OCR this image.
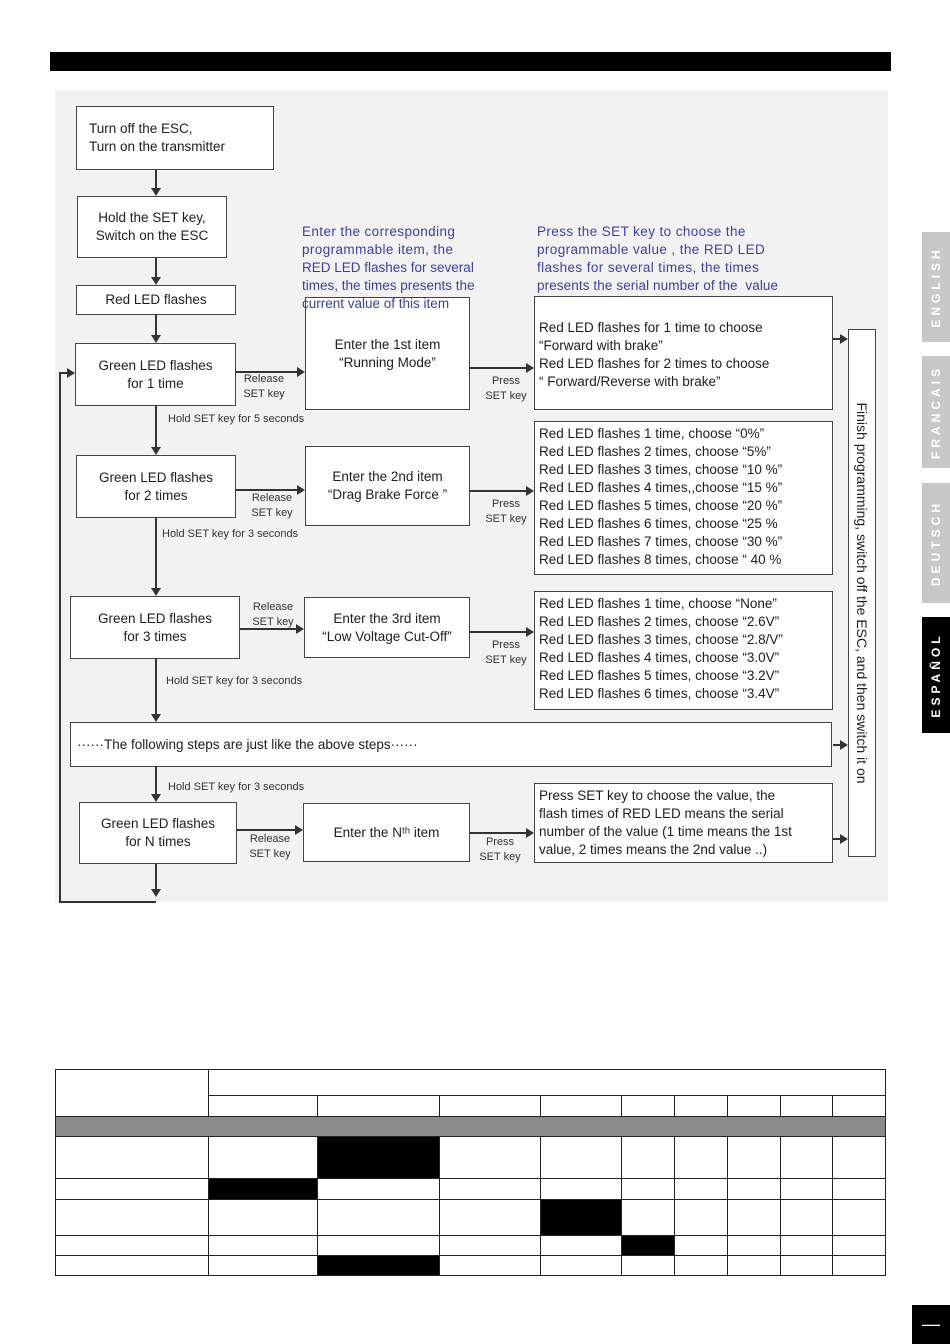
Turn off the ESC,
Turn on the transmitter
Hold the SET key,
Switch on the ESC
Red LED flashes
Green LED flashes
for 1 time
Green LED flashes
for 2 times
Green LED flashes
for 3 times
Green LED flashes
for N times
Enter the 1st item
“Running Mode”
Enter the 2nd item
“Drag Brake Force ”
Enter the 3rd item
“Low Voltage Cut-Off”
Enter the Nᵗʰ item

Enter the corresponding
programmable item, the
RED LED flashes for several
times, the times presents the
current value of this item

Press the SET key to choose the
programmable value , the RED LED
flashes for several times, the times
presents the serial number of the  value

Red LED flashes for 1 time to choose
“Forward with brake”
Red LED flashes for 2 times to choose
“ Forward/Reverse with brake”
Red LED flashes 1 time, choose “0%”
Red LED flashes 2 times, choose “5%”
Red LED flashes 3 times, choose “10 %”
Red LED flashes 4 times,,choose “15 %”
Red LED flashes 5 times, choose “20 %”
Red LED flashes 6 times, choose “25 %
Red LED flashes 7 times, choose “30 %”
Red LED flashes 8 times, choose “ 40 %
Red LED flashes 1 time, choose “None”
Red LED flashes 2 times, choose “2.6V”
Red LED flashes 3 times, choose “2.8/V”
Red LED flashes 4 times, choose “3.0V”
Red LED flashes 5 times, choose “3.2V”
Red LED flashes 6 times, choose “3.4V”
Press SET key to choose the value, the
flash times of RED LED means the serial
number of the value (1 time means the 1st
value, 2 times means the 2nd value ..)
······The following steps are just like the above steps······	Finish programming, switch off the ESC, and then switch it on
Release
SET key
Press
SET key
Hold SET key for 5 seconds
Release
SET key
Press
SET key
Hold SET key for 3 seconds
Release
SET key
Press
SET key
Hold SET key for 3 seconds
Hold SET key for 3 seconds
Release
SET key
Press
SET key
ENGLISH
FRANCAIS
DEUTSCH
ESPAÑOL

—
